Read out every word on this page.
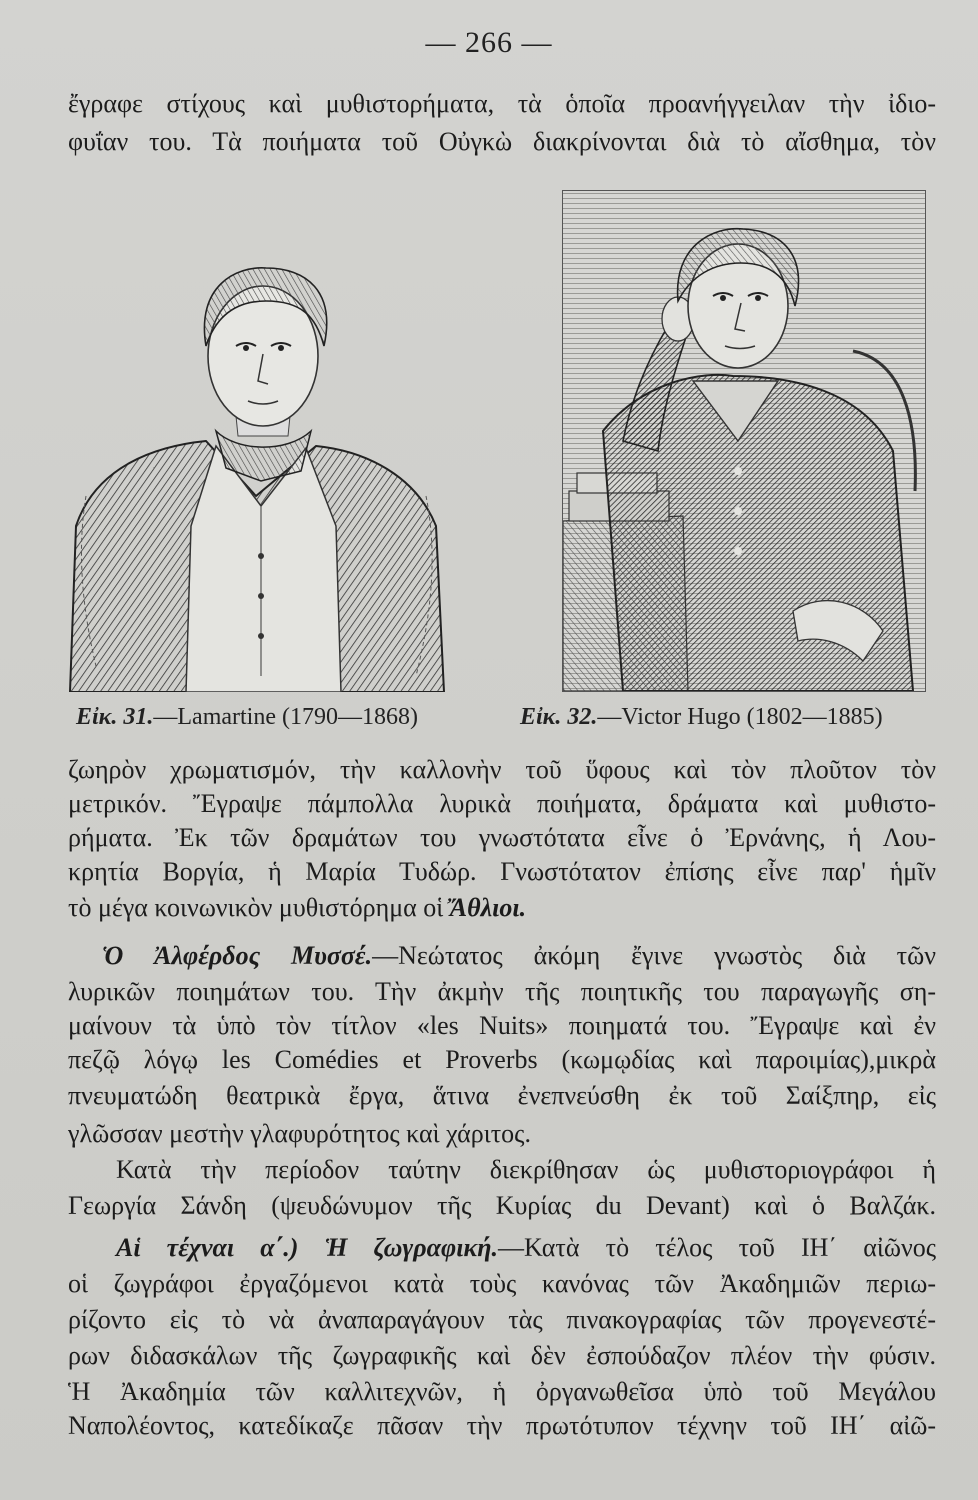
— 266 —
ἔγραφε στίχους καὶ μυθιστορήματα, τὰ ὁποῖα προανήγγειλαν τὴν ἰδιο-
φυΐαν του. Τὰ ποιήματα τοῦ Οὐγκὼ διακρίνονται διὰ τὸ αἴσθημα, τὸν
Εἰκ. 31.—Lamartine (1790—1868)	Εἰκ. 32.—Victor Hugo (1802—1885)
ζωηρὸν χρωματισμόν, τὴν καλλονὴν τοῦ ὕφους καὶ τὸν πλοῦτον τὸν
μετρικόν. Ἔγραψε πάμπολλα λυρικὰ ποιήματα, δράματα καὶ μυθιστο-
ρήματα. Ἐκ τῶν δραμάτων του γνωστότατα εἶνε ὁ Ἐρνάνης, ἡ Λου-
κρητία Βοργία, ἡ Μαρία Τυδώρ. Γνωστότατον ἐπίσης εἶνε παρ' ἡμῖν
τὸ μέγα κοινωνικὸν μυθιστόρημα οἱ Ἄθλιοι.
Ὁ Ἀλφέρδος Μυσσέ.—Νεώτατος ἀκόμη ἔγινε γνωστὸς διὰ τῶν
λυρικῶν ποιημάτων του. Τὴν ἀκμὴν τῆς ποιητικῆς του παραγωγῆς ση-
μαίνουν τὰ ὑπὸ τὸν τίτλον «les Nuits» ποιηματά του. Ἔγραψε καὶ ἐν
πεζῷ λόγῳ les Comédies et Proverbs (κωμῳδίας καὶ παροιμίας),μικρὰ
πνευματώδη θεατρικὰ ἔργα, ἅτινα ἐνεπνεύσθη ἐκ τοῦ Σαίξπηρ, εἰς
γλῶσσαν μεστὴν γλαφυρότητος καὶ χάριτος.
Κατὰ τὴν περίοδον ταύτην διεκρίθησαν ὡς μυθιστοριογράφοι ἡ
Γεωργία Σάνδη (ψευδώνυμον τῆς Κυρίας du Devant) καὶ ὁ Βαλζάκ.
Αἱ τέχναι α΄.) Ἡ ζωγραφική.—Κατὰ τὸ τέλος τοῦ ΙΗ΄ αἰῶνος
οἱ ζωγράφοι ἐργαζόμενοι κατὰ τοὺς κανόνας τῶν Ἀκαδημιῶν περιω-
ρίζοντο εἰς τὸ νὰ ἀναπαραγάγουν τὰς πινακογραφίας τῶν προγενεστέ-
ρων διδασκάλων τῆς ζωγραφικῆς καὶ δὲν ἐσπούδαζον πλέον τὴν φύσιν.
Ἡ Ἀκαδημία τῶν καλλιτεχνῶν, ἡ ὀργανωθεῖσα ὑπὸ τοῦ Μεγάλου
Ναπολέοντος, κατεδίκαζε πᾶσαν τὴν πρωτότυπον τέχνην τοῦ ΙΗ΄ αἰῶ-
